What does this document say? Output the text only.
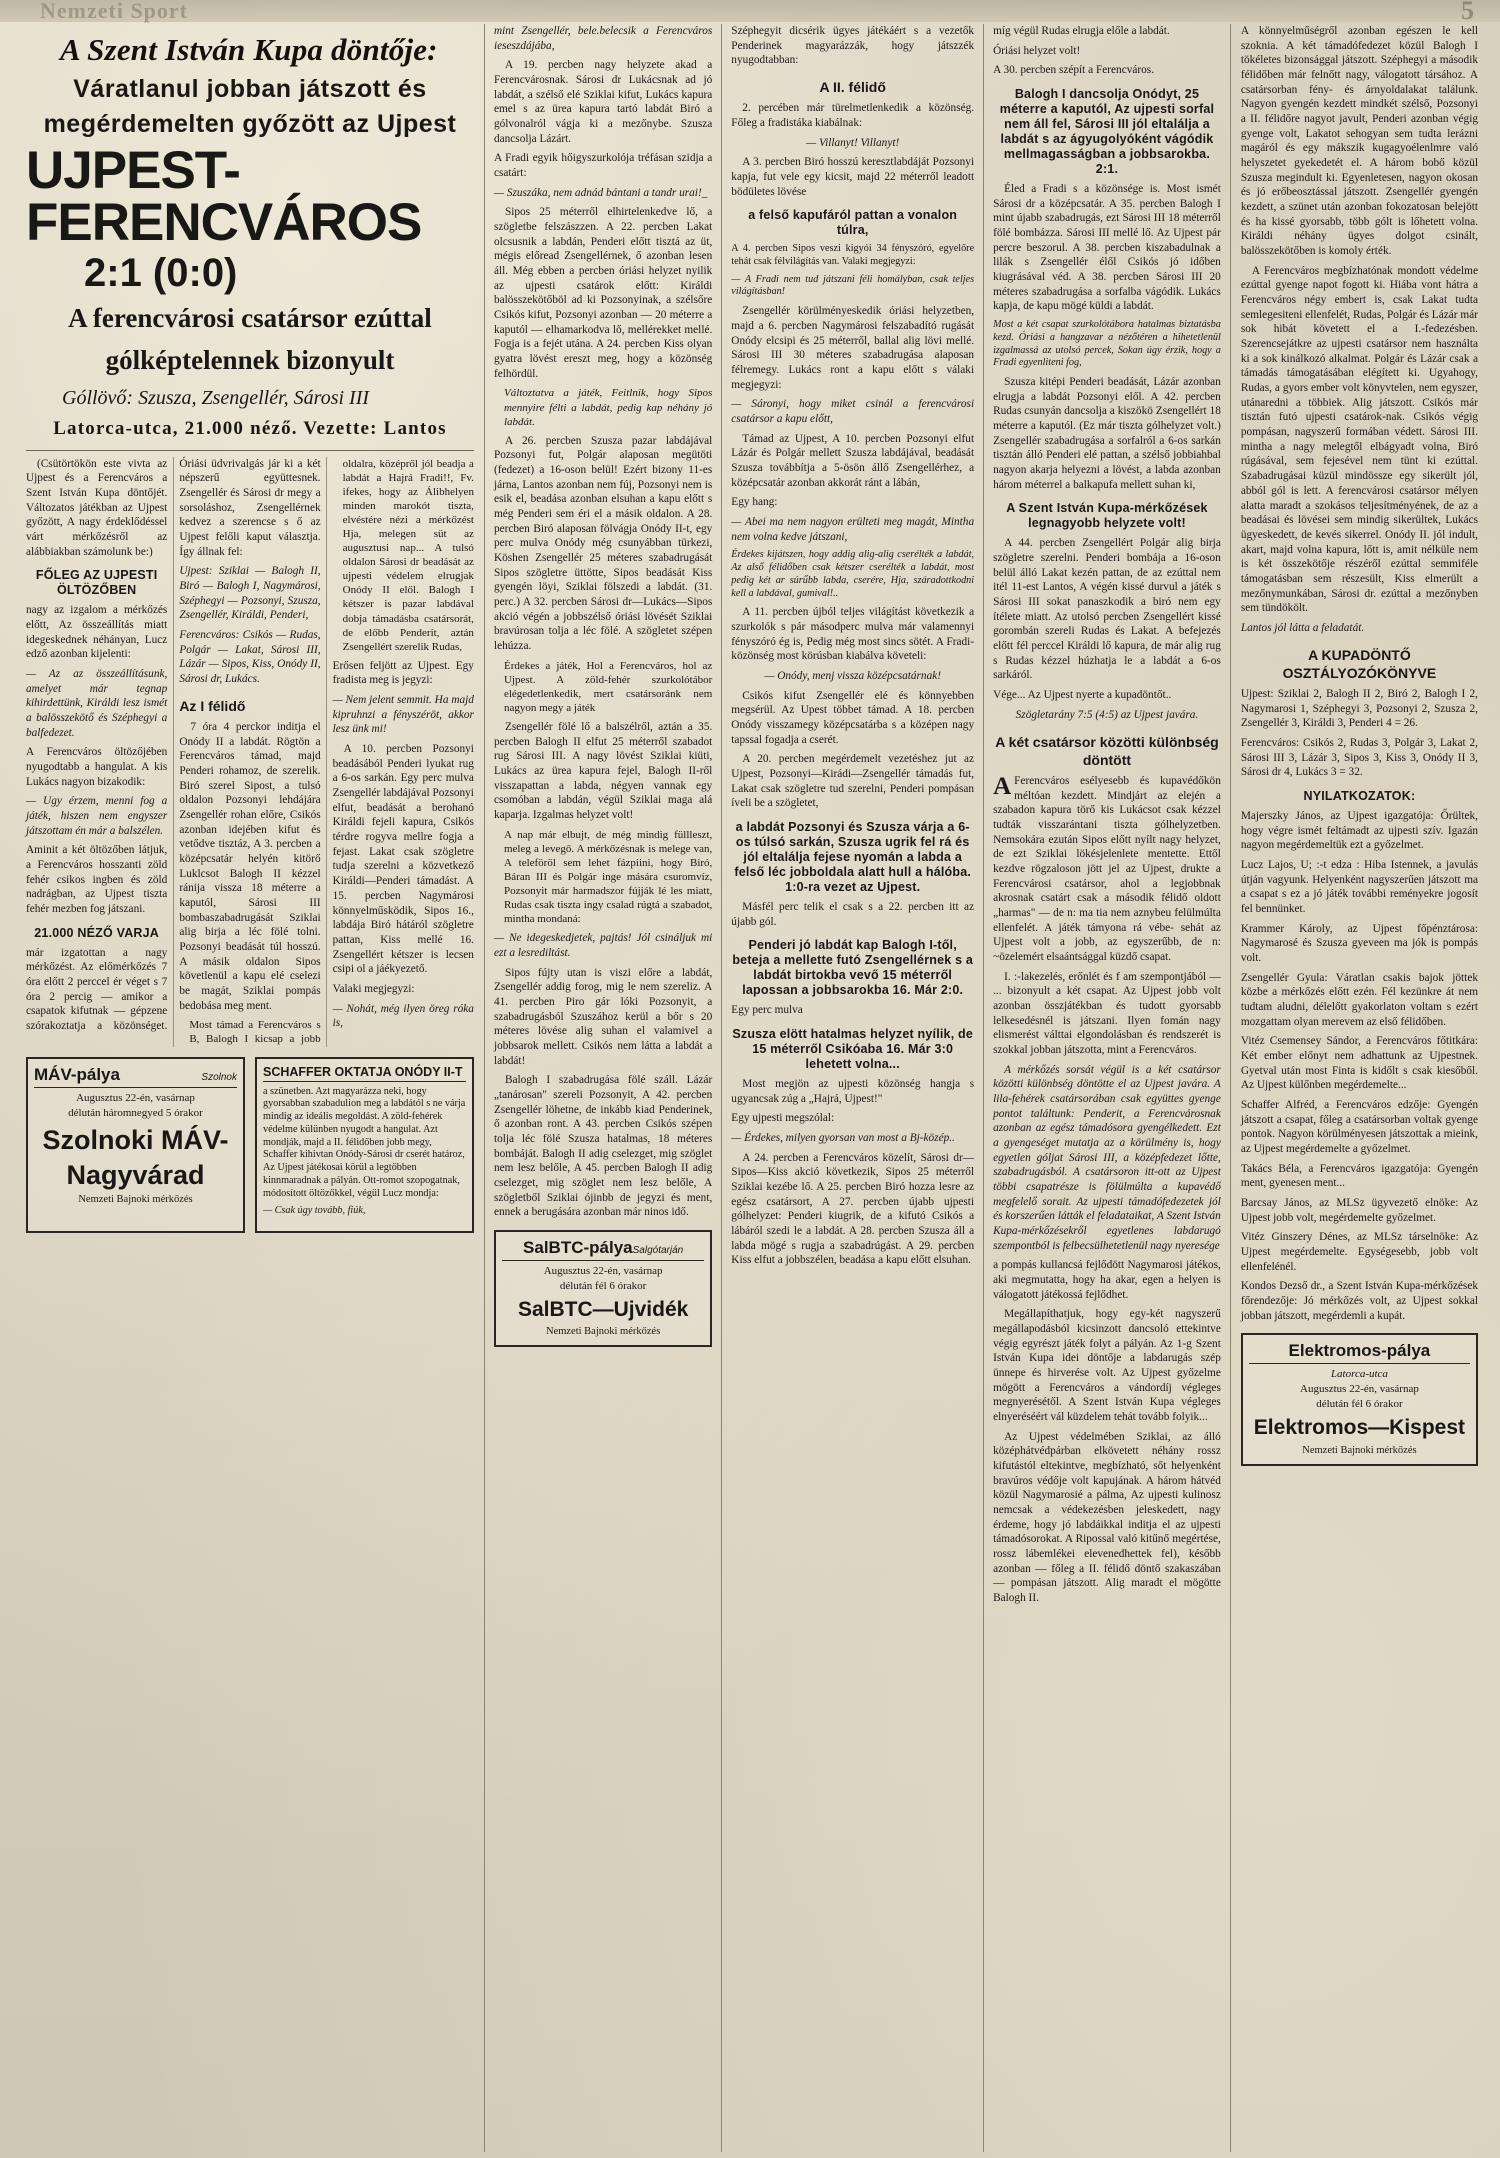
Nemzeti Sport	5
A Szent István Kupa döntője:
Váratlanul jobban játszott és
megérdemelten győzött az Ujpest
UJPEST-FERENCVÁROS
2:1 (0:0)
A ferencvárosi csatársor ezúttal
gólképtelennek bizonyult
Góllövő: Szusza, Zsengellér, Sárosi III
Latorca-utca, 21.000 néző. Vezette: Lantos

(Csütörtökön este vivta az Ujpest és a Ferencváros a Szent István Kupa döntőjét. Változatos játékban az Ujpest győzött, A nagy érdeklődéssel várt mérkőzésről az alábbiakban számolunk be:)

FŐLEG AZ UJPESTI ÖLTÖZŐBEN

nagy az izgalom a mérkőzés előtt, Az összeállítás miatt idegeskednek néhányan, Lucz edző azonban kijelenti:

— Az az összeállításunk, amelyet már tegnap kihirdettünk, Királdi lesz ismét a balösszekötő és Széphegyi a balfedezet.

A Ferencváros öltözőjében nyugodtabb a hangulat. A kis Lukács nagyon bizakodik:

— Ugy érzem, menni fog a játék, hiszen nem engyszer játszottam én már a balszélen.

Aminit a két öltözőben látjuk, a Ferencváros hosszanti zöld fehér csikos ingben és zöld nadrágban, az Ujpest tiszta fehér mezben fog játszani.

21.000 NÉZŐ VARJA

már izgatottan a nagy mérkőzést. Az előmérkőzés 7 óra előtt 2 perccel ér véget s 7 óra 2 percig — amikor a csapatok kifutnak — gépzene szórakoztatja a közönséget. Óriási üdvrivalgás jár ki a két népszerű együttesnek. Zsengellér és Sárosi dr megy a sorsoláshoz, Zsengellérnek kedvez a szerencse s ő az Ujpest felőli kaput választja. Így állnak fel:

Ujpest: Sziklai — Balogh II, Biró — Balogh I, Nagymárosi, Széphegyi — Pozsonyi, Szusza, Zsengellér, Királdi, Penderi,

Ferencváros: Csikós — Rudas, Polgár — Lakat, Sárosi III, Lázár — Sipos, Kiss, Onódy II, Sárosi dr, Lukács.

Az I félidő

7 óra 4 perckor inditja el Onódy II a labdát. Rögtön a Ferencváros támad, majd Penderi rohamoz, de szerelik. Biró szerel Sipost, a tulsó oldalon Pozsonyi lehdájára Zsengellér rohan előre, Csikós azonban idejében kifut és vetődve tisztáz, A 3. percben a középcsatár helyén kitörő Luklcsot Balogh II kézzel ránija vissza 18 méterre a kaputól, Sárosi III bombaszabadrugását Sziklai alig birja a léc fölé tolni. Pozsonyi beadását túl hosszú. A másik oldalon Sipos követlenül a kapu elé cselezi be magát, Sziklai pompás bedobása meg ment.

Most támad a Ferencváros s B, Balogh I kicsap a jobb oldalra, középről jól beadja a labdát a Hajrá Fradi!!, Fv. ifekes, hogy az Álibhelyen minden marokót tiszta, elvéstére nézi a mérkőzést Hja, melegen süt az augusztusi nap... A tulsó oldalon Sárosi dr beadását az ujpesti védelem elrugjak Onódy II elől. Balogh I kétszer is pazar labdával dobja támadásba csatársorát, de előbb Penderit, aztán Zsengellért szerelik Rudas,

Erősen feljött az Ujpest. Egy fradista meg is jegyzi:

— Nem jelent semmit. Ha majd kipruhnzi a fényszéröt, akkor lesz ünk mi!

A 10. percben Pozsonyi beadásából Penderi lyukat rug a 6-os sarkán. Egy perc mulva Zsengellér labdájával Pozsonyi elfut, beadását a berohanó Királdi fejeli kapura, Csikós térdre rogyva mellre fogja a fejast. Lakat csak szögletre tudja szerelni a közvetkező Királdi—Penderi támadást. A 15. percben Nagymárosi könnyelműsködik, Sipos 16., labdája Biró hátáról szögletre pattan, Kiss mellé 16. Zsengellért kétszer is lecsen csipi ol a jáékyezető.

Valaki megjegyzi:

— Nohát, még ilyen öreg róka is,

MÁV-pálya	Szolnok
Augusztus 22-én, vasárnap
délután háromnegyed 5 órakor
Szolnoki MÁV-
Nagyvárad
Nemzeti Bajnoki mérkőzés
SCHAFFER OKTATJA ONÓDY II-T

a szünetben. Azt magyarázza neki, hogy gyorsabban szabadulion meg a labdától s ne várja mindig az ideális megoldást. A zöld-fehérek védelme külünben nyugodt a hangulat. Azt mondják, majd a II. félidőben jobb megy, Schaffer kihivtan Onódy-Sárosi dr cserét határoz, Az Ujpest játékosai körül a legtöbben kinnmaradnak a pályán. Ott-romot szopogatnak, módosított öltözőkkel, végül Lucz mondja:

— Csak úgy tovább, fiúk,

mint Zsengellér, bele.belecsik a Ferencváros ieseszdájába,

A 19. percben nagy helyzete akad a Ferencvárosnak. Sárosi dr Lukácsnak ad jó labdát, a szélső elé Sziklai kifut, Lukács kapura emel s az ürea kapura tartó labdát Biró a gólvonalról vágja ki a mezőnybe. Szusza dancsolja Lázárt.

A Fradi egyik hőigyszurkolója tréfásan szidja a csatárt:

— Szuszáka, nem adnád bántani a tandr urai!_

Sipos 25 méterről elhirtelenkedve lő, a szögletbe felszászzen. A 22. percben Lakat olcsusnik a labdán, Penderi előtt tisztá az üt, mégis előread Zsengellérnek, ő azonban lesen áll. Még ebben a percben óriási helyzet nyilik az ujpesti csatárok előtt: Királdi balösszekötőböl ad ki Pozsonyinak, a szélsőre Csikós kifut, Pozsonyi azonban — 20 méterre a kaputól — elhamarkodva lő, mellérekket mellé. Fogja is a fejét utána. A 24. percben Kiss olyan gyatra lövést ereszt meg, hogy a közönség felhördül.

Változtatva a játék, Feitlnik, hogy Sipos mennyire félti a labdát, pedig kap néhány jó labdát.

A 26. percben Szusza pazar labdájával Pozsonyi fut, Polgár alaposan megütöti (fedezet) a 16-oson belül! Ezért bizony 11-es járna, Lantos azonban nem fúj, Pozsonyi nem is esik el, beadása azonban elsuhan a kapu előtt s még Penderi sem éri el a másik oldalon. A 28. percben Biró alaposan fölvágja Onódy II-t, egy perc mulva Onódy még csunyábban türkezi, Köshen Zsengellér 25 méteres szabadrugását Sipos szögletre üttötte, Sipos beadását Kiss gyengén löyi, Sziklai fölszedi a labdát. (31. perc.) A 32. percben Sárosi dr—Lukács—Sipos akció végén a jobbszélső óriási lövését Sziklai bravúrosan tolja a léc fölé. A szögletet szépen lehúzza.

Érdekes a játék, Hol a Ferencváros, hol az Ujpest. A zöld-fehér szurkolótábor elégedetlenkedik, mert csatársoránk nem nagyon megy a játék

Zsengellér fölé lő a balszélről, aztán a 35. percben Balogh II elfut 25 méterről szabadot rug Sárosi III. A nagy lövést Sziklai kiüti, Lukács az ürea kapura fejel, Balogh II-ről visszapattan a labda, négyen vannak egy csomóban a labdán, végül Sziklai maga alá kaparja. Izgalmas helyzet volt!

A nap már elbujt, de még mindig füllleszt, meleg a levegő. A mérkőzésnak is melege van, A teleföröl sem lehet fázpiini, hogy Biró, Báran III és Polgár inge mására csuromvíz, Pozsonyit már harmadszor fújják lé les miatt, Rudas csak tiszta ingy csalad rúgtá a szabadot, mintha mondaná:

— Ne idegeskedjetek, pajtás! Jól csináljuk mi ezt a lesrediltást.

Sipos fújty utan is viszi előre a labdát, Zsengellér addig forog, mig le nem szereliz. A 41. percben Piro gár lóki Pozsonyit, a szabadrugásból Szuszához kerül a bőr s 20 méteres lövése alig suhan el valamivel a jobbsarok mellett. Csikós nem látta a labdát a labdát!

Balogh I szabadrugása fölé száll. Lázár „tanárosan" szereli Pozsonyit, A 42. percben Zsengellér löhetne, de inkább kiad Penderinek, ő azonban ront. A 43. percben Csikós szépen tolja léc fölé Szusza hatalmas, 18 méteres bombáját. Balogh II adig cselezget, mig szöglet nem lesz belőle, A 45. percben Balogh II adig cselezget, mig szöglet nem lesz belőle, A szögletből Sziklai ójinbb de jegyzi és ment, ennek a berugására azonban már ninos idő.

SalBTC-pálya Salgótarján
Augusztus 22-én, vasárnap
délután fél 6 órakor
SalBTC—Ujvidék
Nemzeti Bajnoki mérkőzés

Széphegyit dicsérik ügyes játékáért s a vezetők Penderinek magyarázzák, hogy játszzék nyugodtabban:

A II. félidő

2. percében már türelmetlenkedik a közönség. Főleg a fradistáka kiabálnak:

— Villanyt! Villanyt!

A 3. percben Biró hosszú keresztlabdáját Pozsonyi kapja, fut vele egy kicsit, majd 22 méterről leadott bödületes lövése

a felső kapufáról pattan a vonalon túlra,

A 4. percben Sipos veszi kigyói 34 fényszóró, egyelőre tehát csak félvilágítás van. Valaki megjegyzi:

— A Fradi nem tud játszani féli homályban, csak teljes világításban!

Zsengellér körülményeskedik óriási helyzetben, majd a 6. percben Nagymárosi felszabadító rugását Onódy elcsipi és 25 méterről, ballal alig lövi mellé. Sárosi III 30 méteres szabadrugása alaposan félremegy. Lukács ront a kapu előtt s válaki megjegyzi:

— Sáronyi, hogy miket csinál a ferencvárosi csatársor a kapu előtt,

Támad az Ujpest, A 10. percben Pozsonyi elfut Lázár és Polgár mellett Szusza labdájával, beadását Szusza továbbítja a 5-ösön állő Zsengellérhez, a középcsatár azonban akkorát ránt a lábán,

Egy hang:

— Abei ma nem nagyon erülteti meg magát, Mintha nem volna kedve játszani,

Érdekes kijátszen, hogy addig alig-alig cserélték a labdát, Az alső félidőben csak kétszer cserélték a labdát, most pedig két ar súrűbb labda, cserére, Hja, száradottkodni kell a labdával, gumival!..

A 11. percben újból teljes világítást következik a szurkolók s pár másodperc mulva már valamennyi fényszóró ég is, Pedig még most sincs sötét. A Fradi-közönség most körúsban kiabálva követeli:

— Onódy, menj vissza középcsatárnak!

Csikós kifut Zsengellér elé és könnyebben megsérül. Az Upest többet támad. A 18. percben Onódy visszamegy középcsatárba s a középen nagy tapssal fogadja a cserét.

A 20. percben megérdemelt vezetéshez jut az Ujpest, Pozsonyi—Kirádi—Zsengellér támadás fut, Lakat csak szögletre tud szerelni, Penderi pompásan íveli be a szögletet,

a labdát Pozsonyi és Szusza várja a 6-os túlsó sarkán, Szusza ugrik fel rá és jól eltalálja fejese nyomán a labda a felső léc jobboldala alatt hull a hálóba. 1:0-ra vezet az Ujpest.

Másfél perc telik el csak s a 22. percben itt az újabb gól.

Penderi jó labdát kap Balogh I-től, beteja a mellette futó Zsengellérnek s a labdát birtokba vevő 15 méterről lapossan a jobbsarokba 16. Már 2:0.

Egy perc mulva

Szusza elött hatalmas helyzet nyílik, de 15 méterről Csikóaba 16. Már 3:0 lehetett volna...

Most megjön az ujpesti közönség hangja s ugyancsak zúg a „Hajrá, Ujpest!"

Egy ujpesti megszólal:

— Érdekes, milyen gyorsan van most a Bj-közép..

A 24. percben a Ferencváros közelít, Sárosi dr—Sipos—Kiss akció következik, Sipos 25 méterről Sziklai kezébe lő. A 25. percben Biró hozza lesre az egész csatársort, A 27. percben újabb ujpesti gólhelyzet: Penderi kiugrik, de a kifutó Csikós a lábáról szedi le a labdát. A 28. percben Szusza áll a labda mögé s rugja a szabadrúgást. A 29. percben Kiss elfut a jobbszélen, beadása a kapu előtt elsuhan.

míg végül Rudas elrugja előle a labdát.

Óriási helyzet volt!

A 30. percben szépít a Ferencváros.

Balogh I dancsolja Onódyt, 25 méterre a kaputól, Az ujpesti sorfal nem áll fel, Sárosi III jól eltalálja a labdát s az ágyugolyóként vágódik mellmagasságban a jobbsarokba. 2:1.

Éled a Fradi s a közönsége is. Most ismét Sárosi dr a középcsatár. A 35. percben Balogh I mint újabb szabadrugás, ezt Sárosi III 18 méterről fölé bombázza. Sárosi III mellé lő. Az Ujpest pár percre beszorul. A 38. percben kiszabadulnak a lilák s Zsengellér élől Csikós jó időben kiugrásával véd. A 38. percben Sárosi III 20 méteres szabadrugása a sorfalba vágódik. Lukács kapja, de kapu mögé küldi a labdát.

Most a két csapat szurkolótábora hatalmas biztatásba kezd. Óriási a hangzavar a nézőtéren a hihetetlenül izgalmassá az utolsó percek, Sokan úgy érzik, hogy a Fradi egyenliteni fog,

Szusza kitépi Penderi beadását, Lázár azonban elrugja a labdát Pozsonyi elől. A 42. percben Rudas csunyán dancsolja a kiszökö Zsengellért 18 méterre a kaputól. (Ez már tiszta gólhelyzet volt.) Zsengellér szabadrugása a sorfalról a 6-os sarkán tisztán álló Penderi elé pattan, a szélső jobbiahbal nagyon akarja helyezni a lövést, a labda azonban három méterrel a balkapufa mellett suhan ki,

A Szent István Kupa-mérkőzések legnagyobb helyzete volt!

A 44. percben Zsengellért Polgár alig birja szögletre szerelni. Penderi bombája a 16-oson belül álló Lakat kezén pattan, de az ezúttal nem itél 11-est Lantos, A végén kissé durvul a játék s Sárosi III sokat panaszkodik a biró nem egy ítélete miatt. Az utolsó percben Zsengellért kissé gorombán szereli Rudas és Lakat. A befejezés előtt fél perccel Királdi lő kapura, de már alig rug s Rudas kézzel húzhatja le a labdát a 6-os sarkáról.

Vége... Az Ujpest nyerte a kupadöntőt..

Szögletarány 7:5 (4:5) az Ujpest javára.

A két csatársor közötti különbség döntött

AFerencváros esélyesebb és kupavédőkön méltóan kezdett. Mindjárt az elején a szabadon kapura törő kis Lukácsot csak kézzel tudták visszarántani tiszta gólhelyzetben. Nemsokára ezután Sipos előtt nyílt nagy helyzet, de ezt Sziklai lökésjelenlete mentette. Ettől kezdve rögzaloson jött jel az Ujpest, drukte a Ferencvárosi csatársor, ahol a legjobbnak akrosnak csatárt csak a második félidő oldott „harmas" — de n: ma tia nem aznybeu felülmúlta ellenfelét. A játék támyona rá vébe- sehát az Ujpest volt a jobb, az egyszerűbb, de n: ~özelemért elsaántsággal küzdő csapat.

I. :-lakezelés, erőnlét és f am szempontjából — ... bizonyult a két csapat. Az Ujpest jobb volt azonban összjátékban és tudott gyorsabb lelkesedésnél is játszani. Ilyen fomán nagy elismerést válttai elgondolásban és rendszerét is szokkal jobban játszotta, mint a Ferencváros.

A mérkőzés sorsát végül is a két csatársor közötti különbség döntötte el az Ujpest javára. A lila-fehérek csatársorában csak együttes gyenge pontot találtunk: Penderit, a Ferencvárosnak azonban az egész támadósora gyengélkedett. Ezt a gyengeséget mutatja az a körülmény is, hogy egyetlen góljat Sárosi III, a középfedezet lőtte, szabadrugásból. A csatársoron itt-ott az Ujpest többi csapatrésze is fölülmúlta a kupavédő megfelelő sorait. Az ujpesti támadófedezetek jól és korszerűen látták el feladataikat, A Szent István Kupa-mérkőzésekről egyetlenes labdarugó szempontból is felbecsülhetetlenül nagy nyeresége

a pompás kullancsá fejlődött Nagymarosi játékos, aki megmutatta, hogy ha akar, egen a helyen is válogatott játékossá fejlődhet.

Megállapíthatjuk, hogy egy-két nagyszerű megállapodásból kicsinzott dancsoló ettekintve végig egyrészt játék folyt a pályán. Az 1-g Szent István Kupa idei döntője a labdarugás szép ünnepe és hirverése volt. Az Ujpest győzelme mögött a Ferencváros a vándordíj végleges megnyerésétől. A Szent István Kupa végleges elnyeréséért vál küzdelem tehát tovább folyik...

Az Ujpest védelmében Sziklai, az álló középhátvédpárban elkövetett néhány rossz kifutástól eltekintve, megbízható, sőt helyenként bravúros védője volt kapujának. A három hátvéd közül Nagymarosié a pálma, Az ujpesti kulinosz nemcsak a védekezésben jeleskedett, nagy érdeme, hogy jó labdáikkal inditja el az ujpesti támadósorokat. A Ripossal való kitűnő megértése, rossz lábemlékei elevenedhettek fel), később azonban — főleg a II. félidő döntő szakaszában — pompásan játszott. Alig maradt el mögötte Balogh II.

A könnyelműségről azonban egészen le kell szoknia. A két támadófedezet közül Balogh I tökéletes bizonsággal játszott. Széphegyi a második félidőben már felnőtt nagy, válogatott társához. A csatársorban fény- és árnyoldalakat találunk. Nagyon gyengén kezdett mindkét szélső, Pozsonyi a II. félidőre nagyot javult, Penderi azonban végig gyenge volt, Lakatot sehogyan sem tudta lerázni magáról és egy mákszik kugagyoélenlmre való helyszetet gyekedetét el. A három bobő közül Szusza megindult ki. Egyenletesen, nagyon okosan és jó erőbeosztással játszott. Zsengellér gyengén kezdett, a szünet után azonban fokozatosan belejött és ha kissé gyorsabb, több gólt is lőhetett volna. Királdi néhány ügyes dolgot csinált, balösszekötőben is komoly érték.

A Ferencváros megbízhatónak mondott védelme ezúttal gyenge napot fogott ki. Hiába vont hátra a Ferencváros négy embert is, csak Lakat tudta semlegesiteni ellenfelét, Rudas, Polgár és Lázár már sok hibát követett el a I.-fedezésben. Szerencsejátkre az ujpesti csatársor nem használta ki a sok kinálkozó alkalmat. Polgár és Lázár csak a támadás támogatásában elégített ki. Ugyahogy, Rudas, a gyors ember volt könyvtelen, nem egyszer, utánaredni a többiek. Alig játszott. Csikós már tisztán futó ujpesti csatárok-nak. Csikós végig pompásan, nagyszerű formában védett. Sárosi III. mintha a nagy melegtől elbágyadt volna, Biró rúgásával, sem fejesével nem tünt ki ezúttal. Szabadrugásai küzül mindössze egy sikerült jól, abból gól is lett. A ferencvárosi csatársor mélyen alatta maradt a szokásos teljesítményének, de az a beadásai és lövései sem mindig sikerültek, Lukács ügyeskedett, de kevés sikerrel. Onódy II. jól indult, akart, majd volna kapura, lőtt is, amit nélküle nem is két összekötője részéről ezúttal semmiféle támogatásban sem részesült, Kiss elmerült a mezőnymunkában, Sárosi dr. ezúttal a mezőnyben sem tündökölt.

Lantos jól látta a feladatát.

A KUPADÖNTŐ OSZTÁLYOZÓKÖNYVE

Ujpest: Sziklai 2, Balogh II 2, Biró 2, Balogh I 2, Nagymarosi 1, Széphegyi 3, Pozsonyi 2, Szusza 2, Zsengellér 3, Királdi 3, Penderi 4 = 26.

Ferencváros: Csikós 2, Rudas 3, Polgár 3, Lakat 2, Sárosi III 3, Lázár 3, Sipos 3, Kiss 3, Onódy II 3, Sárosi dr 4, Lukács 3 = 32.

NYILATKOZATOK:

Majerszky János, az Ujpest igazgatója: Őrültek, hogy végre ismét feltámadt az ujpesti szív. Igazán nagyon megérdemeltük ezt a győzelmet.

Lucz Lajos, U; :-t edza : Hiba Istennek, a javulás útján vagyunk. Helyenként nagyszerűen játszott ma a csapat s ez a jó játék további reményekre jogosít fel bennünket.

Krammer Károly, az Ujpest főpénztárosa: Nagymarosé és Szusza gyeveen ma jók is pompás volt.

Zsengellér Gyula: Váratlan csakis bajok jöttek közbe a mérkőzés előtt ezén. Fél kezünkre át nem tudtam aludni, délelőtt gyakorlaton voltam s ezért mozgattam olyan merevem az első félidőben.

Vitéz Csemensey Sándor, a Ferencváros főtitkára: Két ember előnyt nem adhattunk az Ujpestnek. Gyetval után most Finta is kidőlt s csak kiesőből. Az Ujpest külőnben megérdemelte...

Schaffer Alfréd, a Ferencváros edzője: Gyengén játszott a csapat, főleg a csatársorban voltak gyenge pontok. Nagyon körülményesen játszottak a mieink, az Ujpest megérdemelte a győzelmet.

Takács Béla, a Ferencváros igazgatója: Gyengén ment, gyenesen ment...

Barcsay János, az MLSz ügyvezető elnöke: Az Ujpest jobb volt, megérdemelte győzelmet.

Vitéz Ginszery Dénes, az MLSz társelnöke: Az Ujpest megérdemelte. Egységesebb, jobb volt ellenfelénél.

Kondos Dezső dr., a Szent István Kupa-mérkőzések főrendezője: Jó mérkőzés volt, az Ujpest sokkal jobban játszott, megérdemli a kupát.

Elektromos-pálya
Latorca-utca
Augusztus 22-én, vasárnap
délután fél 6 órakor
Elektromos—Kispest
Nemzeti Bajnoki mérkőzés
